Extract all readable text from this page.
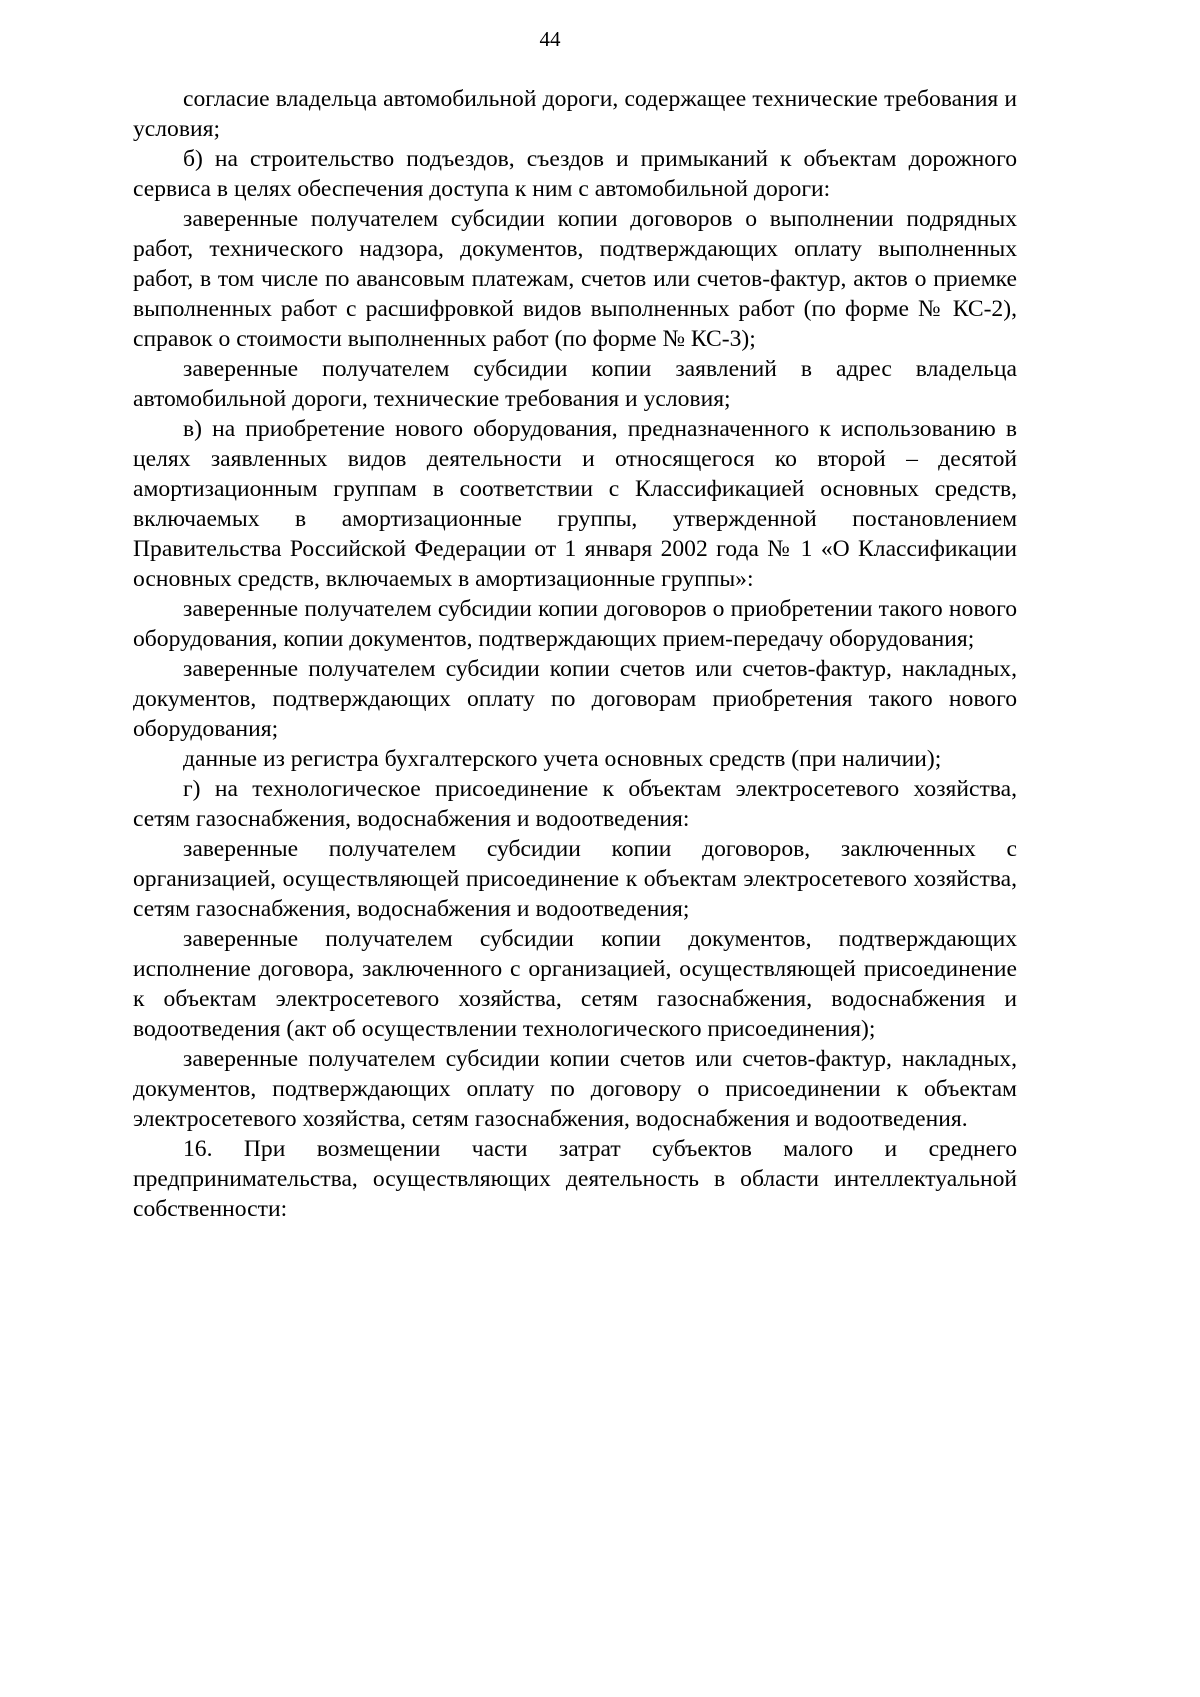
44

согласие владельца автомобильной дороги, содержащее технические требования и условия;

б) на строительство подъездов, съездов и примыканий к объектам дорожного сервиса в целях обеспечения доступа к ним с автомобильной дороги:

заверенные получателем субсидии копии договоров о выполнении подрядных работ, технического надзора, документов, подтверждающих оплату выполненных работ, в том числе по авансовым платежам, счетов или счетов-фактур, актов о приемке выполненных работ с расшифровкой видов выполненных работ (по форме № КС-2), справок о стоимости выполненных работ (по форме № КС-3);

заверенные получателем субсидии копии заявлений в адрес владельца автомобильной дороги, технические требования и условия;

в) на приобретение нового оборудования, предназначенного к использованию в целях заявленных видов деятельности и относящегося ко второй – десятой амортизационным группам в соответствии с Классификацией основных средств, включаемых в амортизационные группы, утвержденной постановлением Правительства Российской Федерации от 1 января 2002 года № 1 «О Классификации основных средств, включаемых в амортизационные группы»:

заверенные получателем субсидии копии договоров о приобретении такого нового оборудования, копии документов, подтверждающих прием-передачу оборудования;

заверенные получателем субсидии копии счетов или счетов-фактур, накладных, документов, подтверждающих оплату по договорам приобретения такого нового оборудования;

данные из регистра бухгалтерского учета основных средств (при наличии);

г) на технологическое присоединение к объектам электросетевого хозяйства, сетям газоснабжения, водоснабжения и водоотведения:

заверенные получателем субсидии копии договоров, заключенных с организацией, осуществляющей присоединение к объектам электросетевого хозяйства, сетям газоснабжения, водоснабжения и водоотведения;

заверенные получателем субсидии копии документов, подтверждающих исполнение договора, заключенного с организацией, осуществляющей присоединение к объектам электросетевого хозяйства, сетям газоснабжения, водоснабжения и водоотведения (акт об осуществлении технологического присоединения);

заверенные получателем субсидии копии счетов или счетов-фактур, накладных, документов, подтверждающих оплату по договору о присоединении к объектам электросетевого хозяйства, сетям газоснабжения, водоснабжения и водоотведения.

16. При возмещении части затрат субъектов малого и среднего предпринимательства, осуществляющих деятельность в области интеллектуальной собственности:
